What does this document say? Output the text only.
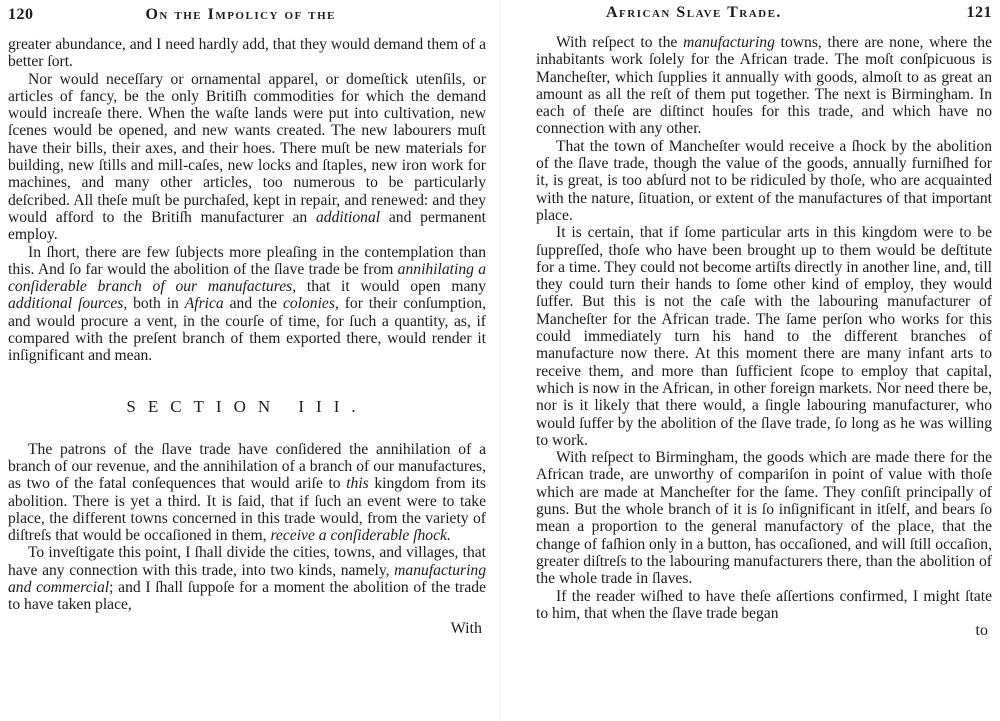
120	On the Impolicy of the

greater abundance, and I need hardly add, that they would demand them of a better ſort.

Nor would neceſſary or ornamental apparel, or domeſtick utenſils, or articles of fancy, be the only Britiſh commodities for which the demand would increaſe there. When the waſte lands were put into cultivation, new ſcenes would be opened, and new wants created. The new labourers muſt have their bills, their axes, and their hoes. There muſt be new materials for building, new ſtills and mill-caſes, new locks and ſtaples, new iron work for machines, and many other articles, too numerous to be particularly deſcribed. All theſe muſt be purchaſed, kept in repair, and renewed: and they would afford to the Britiſh manufacturer an additional and permanent employ.

In ſhort, there are few ſubjects more pleaſing in the contemplation than this. And ſo far would the abolition of the ſlave trade be from annihilating a conſiderable branch of our manufactures, that it would open many additional ſources, both in Africa and the colonies, for their conſumption, and would procure a vent, in the courſe of time, for ſuch a quantity, as, if compared with the preſent branch of them exported there, would render it inſignificant and mean.

SECTION III.

The patrons of the ſlave trade have conſidered the annihilation of a branch of our revenue, and the annihilation of a branch of our manufactures, as two of the fatal conſequences that would ariſe to this kingdom from its abolition. There is yet a third. It is ſaid, that if ſuch an event were to take place, the different towns concerned in this trade would, from the variety of diſtreſs that would be occaſioned in them, receive a conſiderable ſhock.

To inveſtigate this point, I ſhall divide the cities, towns, and villages, that have any connection with this trade, into two kinds, namely, manufacturing and commercial; and I ſhall ſuppoſe for a moment the abolition of the trade to have taken place,

With
African Slave Trade.	121

With reſpect to the manufacturing towns, there are none, where the inhabitants work ſolely for the African trade. The moſt conſpicuous is Mancheſter, which ſupplies it annually with goods, almoſt to as great an amount as all the reſt of them put together. The next is Birmingham. In each of theſe are diſtinct houſes for this trade, and which have no connection with any other.

That the town of Mancheſter would receive a ſhock by the abolition of the ſlave trade, though the value of the goods, annually furniſhed for it, is great, is too abſurd not to be ridiculed by thoſe, who are acquainted with the nature, ſituation, or extent of the manufactures of that important place.

It is certain, that if ſome particular arts in this kingdom were to be ſuppreſſed, thoſe who have been brought up to them would be deſtitute for a time. They could not become artiſts directly in another line, and, till they could turn their hands to ſome other kind of employ, they would ſuffer. But this is not the caſe with the labouring manufacturer of Mancheſter for the African trade. The ſame perſon who works for this could immediately turn his hand to the different branches of manufacture now there. At this moment there are many infant arts to receive them, and more than ſufficient ſcope to employ that capital, which is now in the African, in other foreign markets. Nor need there be, nor is it likely that there would, a ſingle labouring manufacturer, who would ſuffer by the abolition of the ſlave trade, ſo long as he was willing to work.

With reſpect to Birmingham, the goods which are made there for the African trade, are unworthy of compariſon in point of value with thoſe which are made at Mancheſter for the ſame. They conſiſt principally of guns. But the whole branch of it is ſo inſignificant in itſelf, and bears ſo mean a proportion to the general manufactory of the place, that the change of faſhion only in a button, has occaſioned, and will ſtill occaſion, greater diſtreſs to the labouring manufacturers there, than the abolition of the whole trade in ſlaves.

If the reader wiſhed to have theſe aſſertions confirmed, I might ſtate to him, that when the ſlave trade began

to
